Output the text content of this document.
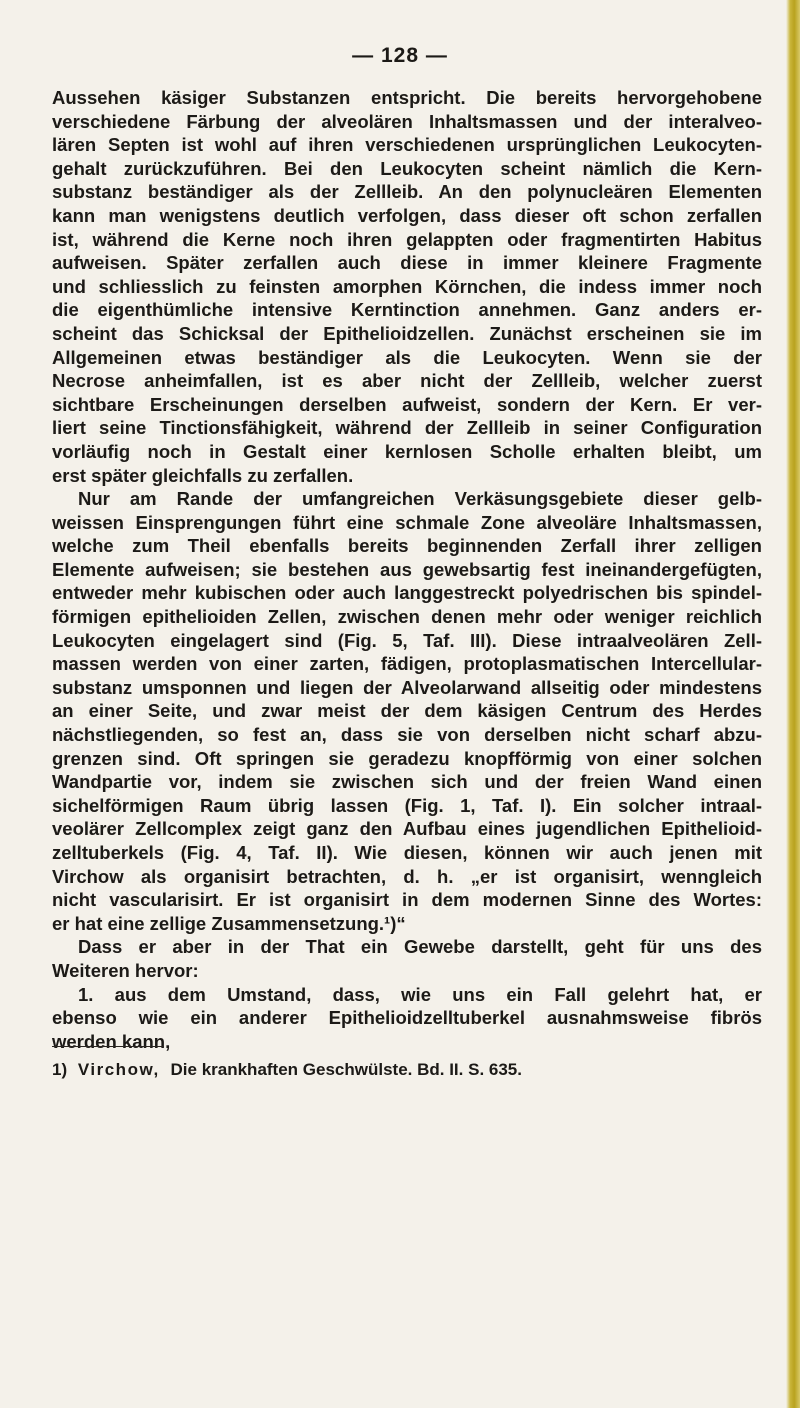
— 128 —
Aussehen käsiger Substanzen entspricht. Die bereits hervorgehobene
verschiedene Färbung der alveolären Inhaltsmassen und der interalveo-
lären Septen ist wohl auf ihren verschiedenen ursprünglichen Leukocyten-
gehalt zurückzuführen. Bei den Leukocyten scheint nämlich die Kern-
substanz beständiger als der Zellleib. An den polynucleären Elementen
kann man wenigstens deutlich verfolgen, dass dieser oft schon zerfallen
ist, während die Kerne noch ihren gelappten oder fragmentirten Habitus
aufweisen. Später zerfallen auch diese in immer kleinere Fragmente
und schliesslich zu feinsten amorphen Körnchen, die indess immer noch
die eigenthümliche intensive Kerntinction annehmen. Ganz anders er-
scheint das Schicksal der Epithelioidzellen. Zunächst erscheinen sie im
Allgemeinen etwas beständiger als die Leukocyten. Wenn sie der
Necrose anheimfallen, ist es aber nicht der Zellleib, welcher zuerst
sichtbare Erscheinungen derselben aufweist, sondern der Kern. Er ver-
liert seine Tinctionsfähigkeit, während der Zellleib in seiner Configuration
vorläufig noch in Gestalt einer kernlosen Scholle erhalten bleibt, um
erst später gleichfalls zu zerfallen.
Nur am Rande der umfangreichen Verkäsungsgebiete dieser gelb-
weissen Einsprengungen führt eine schmale Zone alveoläre Inhaltsmassen,
welche zum Theil ebenfalls bereits beginnenden Zerfall ihrer zelligen
Elemente aufweisen; sie bestehen aus gewebsartig fest ineinandergefügten,
entweder mehr kubischen oder auch langgestreckt polyedrischen bis spindel-
förmigen epithelioiden Zellen, zwischen denen mehr oder weniger reichlich
Leukocyten eingelagert sind (Fig. 5, Taf. III). Diese intraalveolären Zell-
massen werden von einer zarten, fädigen, protoplasmatischen Intercellular-
substanz umsponnen und liegen der Alveolarwand allseitig oder mindestens
an einer Seite, und zwar meist der dem käsigen Centrum des Herdes
nächstliegenden, so fest an, dass sie von derselben nicht scharf abzu-
grenzen sind. Oft springen sie geradezu knopfförmig von einer solchen
Wandpartie vor, indem sie zwischen sich und der freien Wand einen
sichelförmigen Raum übrig lassen (Fig. 1, Taf. I). Ein solcher intraal-
veolärer Zellcomplex zeigt ganz den Aufbau eines jugendlichen Epithelioid-
zelltuberkels (Fig. 4, Taf. II). Wie diesen, können wir auch jenen mit
Virchow als organisirt betrachten, d. h. „er ist organisirt, wenngleich
nicht vascularisirt. Er ist organisirt in dem modernen Sinne des Wortes:
er hat eine zellige Zusammensetzung.¹)“
Dass er aber in der That ein Gewebe darstellt, geht für uns des
Weiteren hervor:
1. aus dem Umstand, dass, wie uns ein Fall gelehrt hat, er
ebenso wie ein anderer Epithelioidzelltuberkel ausnahmsweise fibrös
werden kann,
1) Virchow, Die krankhaften Geschwülste. Bd. II. S. 635.
